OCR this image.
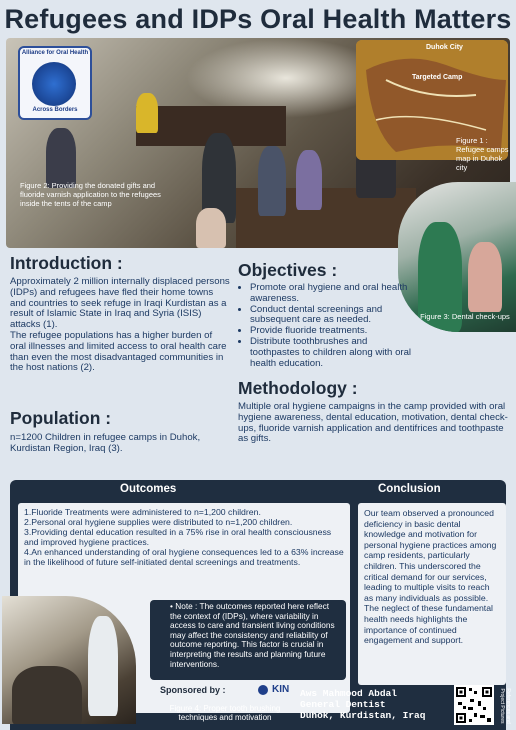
Refugees and IDPs Oral Health Matters
Alliance for Oral Health
Across Borders
Duhok City
Targeted Camp
Figure 1 : Refugee camps map in Duhok city
Figure 2: Providing the donated gifts and fluoride varnish application to the refugees inside the tents of the camp
Figure 3: Dental check-ups
Introduction :
Approximately 2 million internally displaced persons (IDPs) and refugees have fled their home towns and countries to seek refuge in Iraqi Kurdistan as a result of Islamic State in Iraq and Syria (ISIS) attacks (1).
The refugee populations has a higher burden of oral illnesses and limited access to oral health care than even the most disadvantaged communities in the host nations (2).
Population :
n=1200 Children in refugee camps in Duhok, Kurdistan Region, Iraq (3).
Objectives :
• Promote oral hygiene and oral health awareness.
• Conduct dental screenings and subsequent care as needed.
• Provide fluoride treatments.
• Distribute toothbrushes and toothpastes to children along with oral health education.
Methodology :
Multiple oral hygiene campaigns in the camp provided with oral hygiene awareness, dental education, motivation, dental check-ups, fluoride varnish application and dentifrices and toothpaste as gifts.
Outcomes	Conclusion
1.Fluoride Treatments were administered to n=1,200 children.
2.Personal oral hygiene supplies were distributed to n=1,200 children.
3.Providing dental education resulted in a 75% rise in oral health consciousness and improved hygiene practices.
4.An enhanced understanding of oral hygiene consequences led to a 63% increase in the likelihood of future self-initiated dental screenings and treatments.
Our team observed a pronounced deficiency in basic dental knowledge and motivation for personal hygiene practices among camp residents, particularly children. This underscored the critical demand for our services, leading to multiple visits to reach as many individuals as possible. The neglect of these fundamental health needs highlights the importance of continued engagement and support.
• Note : The outcomes reported here reflect the context of (IDPs), where variability in access to care and transient living conditions may affect the consistency and reliability of outcome reporting. This factor is crucial in interpreting the results and planning future interventions.
Sponsored by :	KIN
Figure 4: Proper tooth brushing techniques and motivation
Aws Mahmood Abdal
General Dentist
Duhok, Kurdistan, Iraq	References and Project Pictures
